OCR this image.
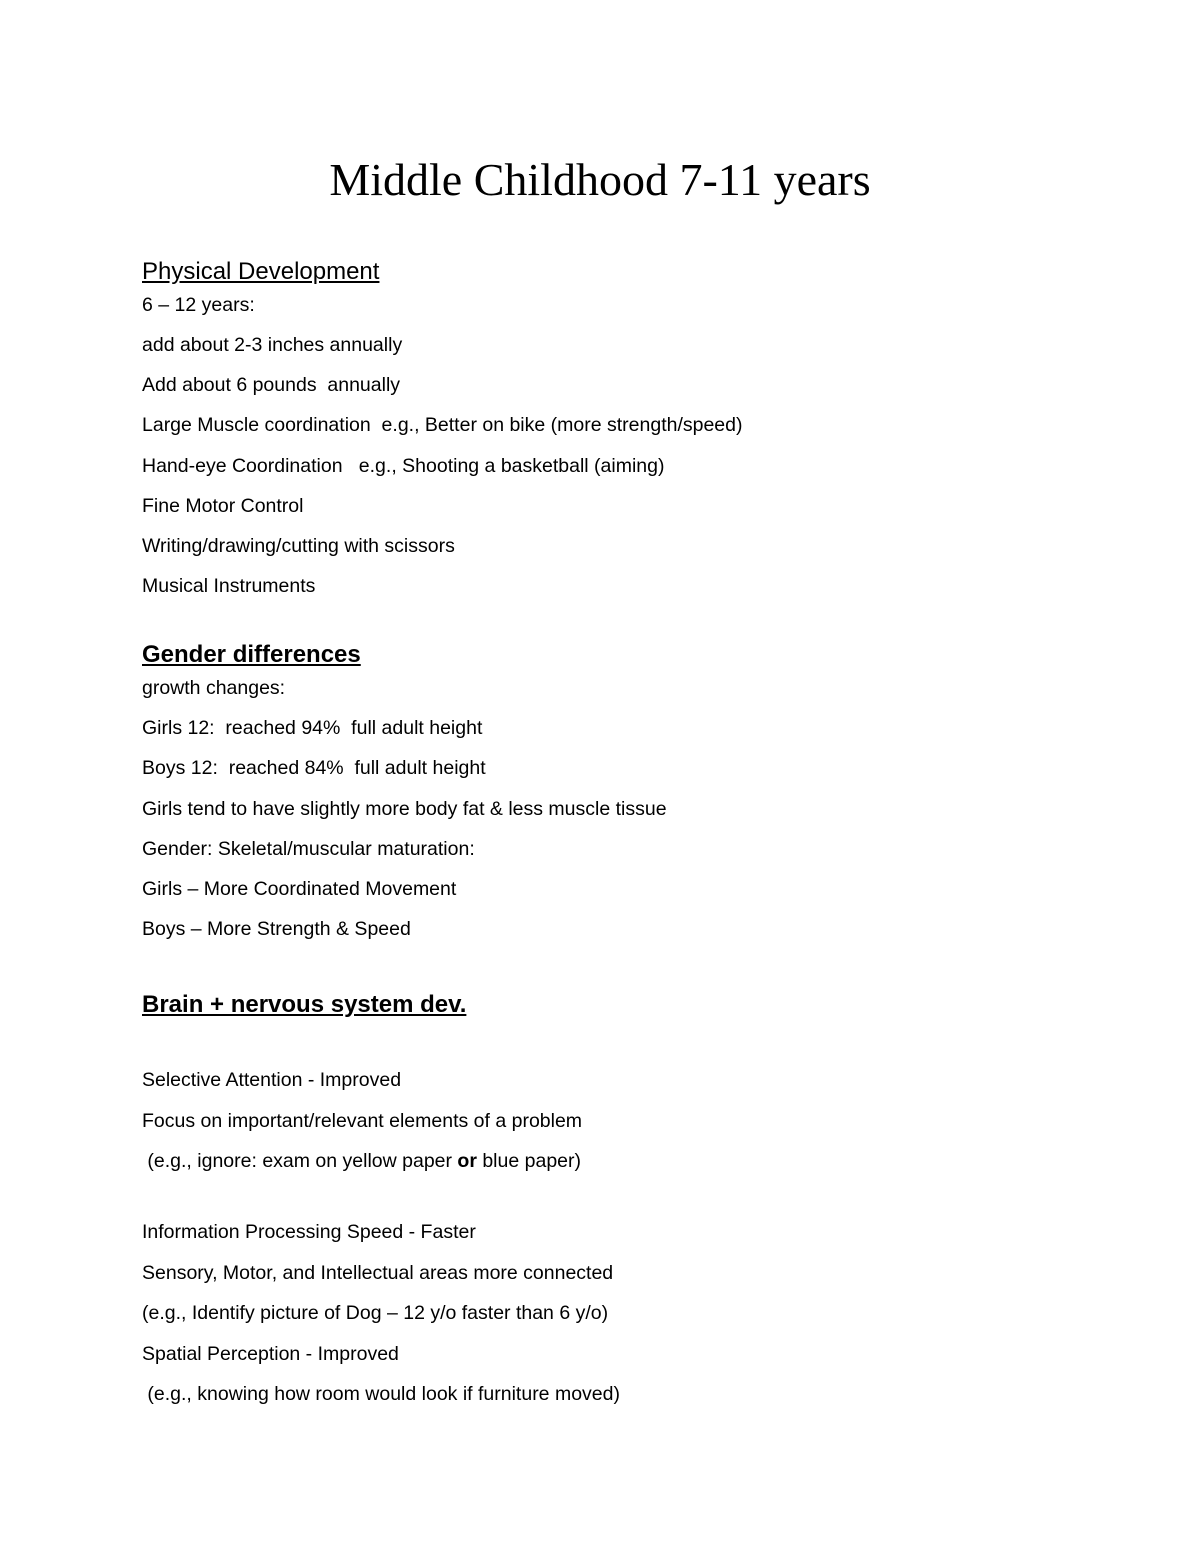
Middle Childhood 7-11 years
Physical Development
6 – 12 years:
add about 2-3 inches annually
Add about 6 pounds  annually
Large Muscle coordination  e.g., Better on bike (more strength/speed)
Hand-eye Coordination   e.g., Shooting a basketball (aiming)
Fine Motor Control
Writing/drawing/cutting with scissors
Musical Instruments
Gender differences
growth changes:
Girls 12:  reached 94%  full adult height
Boys 12:  reached 84%  full adult height
Girls tend to have slightly more body fat & less muscle tissue
Gender: Skeletal/muscular maturation:
Girls – More Coordinated Movement
Boys – More Strength & Speed
Brain + nervous system dev.
Selective Attention - Improved
Focus on important/relevant elements of a problem
(e.g., ignore: exam on yellow paper or blue paper)
Information Processing Speed - Faster
Sensory, Motor, and Intellectual areas more connected
(e.g., Identify picture of Dog – 12 y/o faster than 6 y/o)
Spatial Perception - Improved
(e.g., knowing how room would look if furniture moved)
